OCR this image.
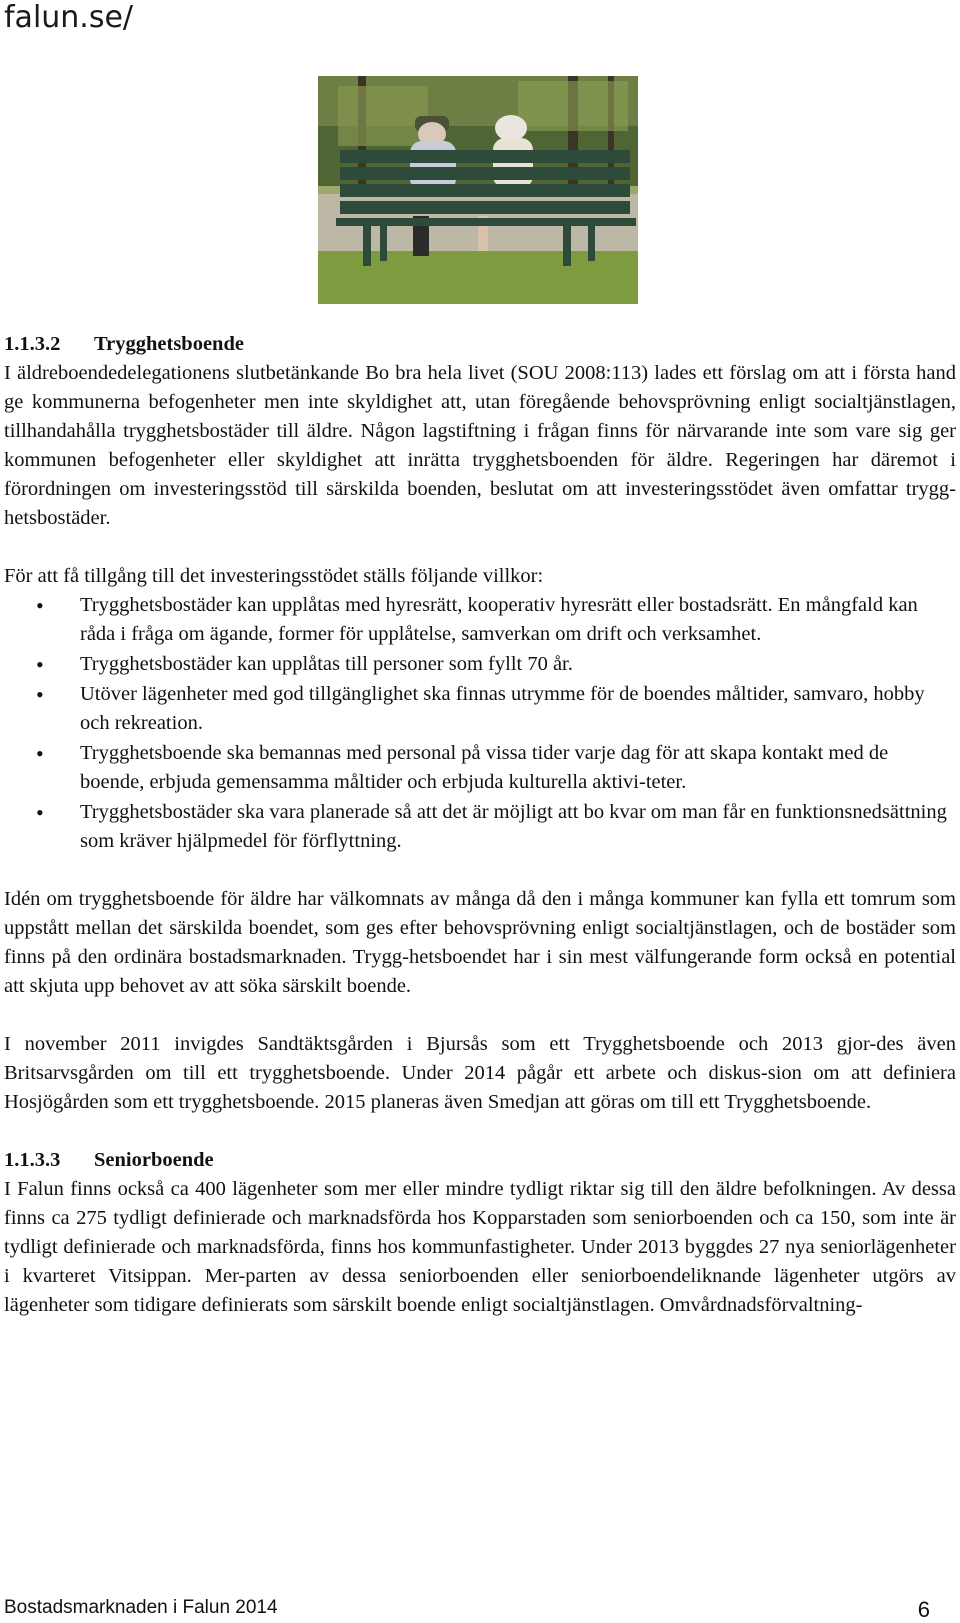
falun.se/
1.1.3.2 Trygghetsboende

I äldreboendedelegationens slutbetänkande Bo bra hela livet (SOU 2008:113) lades ett förslag om att i första hand ge kommunerna befogenheter men inte skyldighet att, utan föregående behovsprövning enligt socialtjänstlagen, tillhandahålla trygghetsbostäder till äldre. Någon lagstiftning i frågan finns för närvarande inte som vare sig ger kommunen befogenheter eller skyldighet att inrätta trygghetsboenden för äldre. Regeringen har däremot i förordningen om investeringsstöd till särskilda boenden, beslutat om att investeringsstödet även omfattar trygg-hetsbostäder.

För att få tillgång till det investeringsstödet ställs följande villkor:

• Trygghetsbostäder kan upplåtas med hyresrätt, kooperativ hyresrätt eller bostadsrätt. En mångfald kan råda i fråga om ägande, former för upplåtelse, samverkan om drift och verksamhet.
• Trygghetsbostäder kan upplåtas till personer som fyllt 70 år.
• Utöver lägenheter med god tillgänglighet ska finnas utrymme för de boendes måltider, samvaro, hobby och rekreation.
• Trygghetsboende ska bemannas med personal på vissa tider varje dag för att skapa kontakt med de boende, erbjuda gemensamma måltider och erbjuda kulturella aktivi-teter.
• Trygghetsbostäder ska vara planerade så att det är möjligt att bo kvar om man får en funktionsnedsättning som kräver hjälpmedel för förflyttning.

Idén om trygghetsboende för äldre har välkomnats av många då den i många kommuner kan fylla ett tomrum som uppstått mellan det särskilda boendet, som ges efter behovsprövning enligt socialtjänstlagen, och de bostäder som finns på den ordinära bostadsmarknaden. Trygg-hetsboendet har i sin mest välfungerande form också en potential att skjuta upp behovet av att söka särskilt boende.

I november 2011 invigdes Sandtäktsgården i Bjursås som ett Trygghetsboende och 2013 gjor-des även Britsarvsgården om till ett trygghetsboende. Under 2014 pågår ett arbete och diskus-sion om att definiera Hosjögården som ett trygghetsboende. 2015 planeras även Smedjan att göras om till ett Trygghetsboende.

1.1.3.3 Seniorboende

I Falun finns också ca 400 lägenheter som mer eller mindre tydligt riktar sig till den äldre befolkningen. Av dessa finns ca 275 tydligt definierade och marknadsförda hos Kopparstaden som seniorboenden och ca 150, som inte är tydligt definierade och marknadsförda, finns hos kommunfastigheter. Under 2013 byggdes 27 nya seniorlägenheter i kvarteret Vitsippan. Mer-parten av dessa seniorboenden eller seniorboendeliknande lägenheter utgörs av lägenheter som tidigare definierats som särskilt boende enligt socialtjänstlagen. Omvårdnadsförvaltning-

Bostadsmarknaden i Falun 2014	6
